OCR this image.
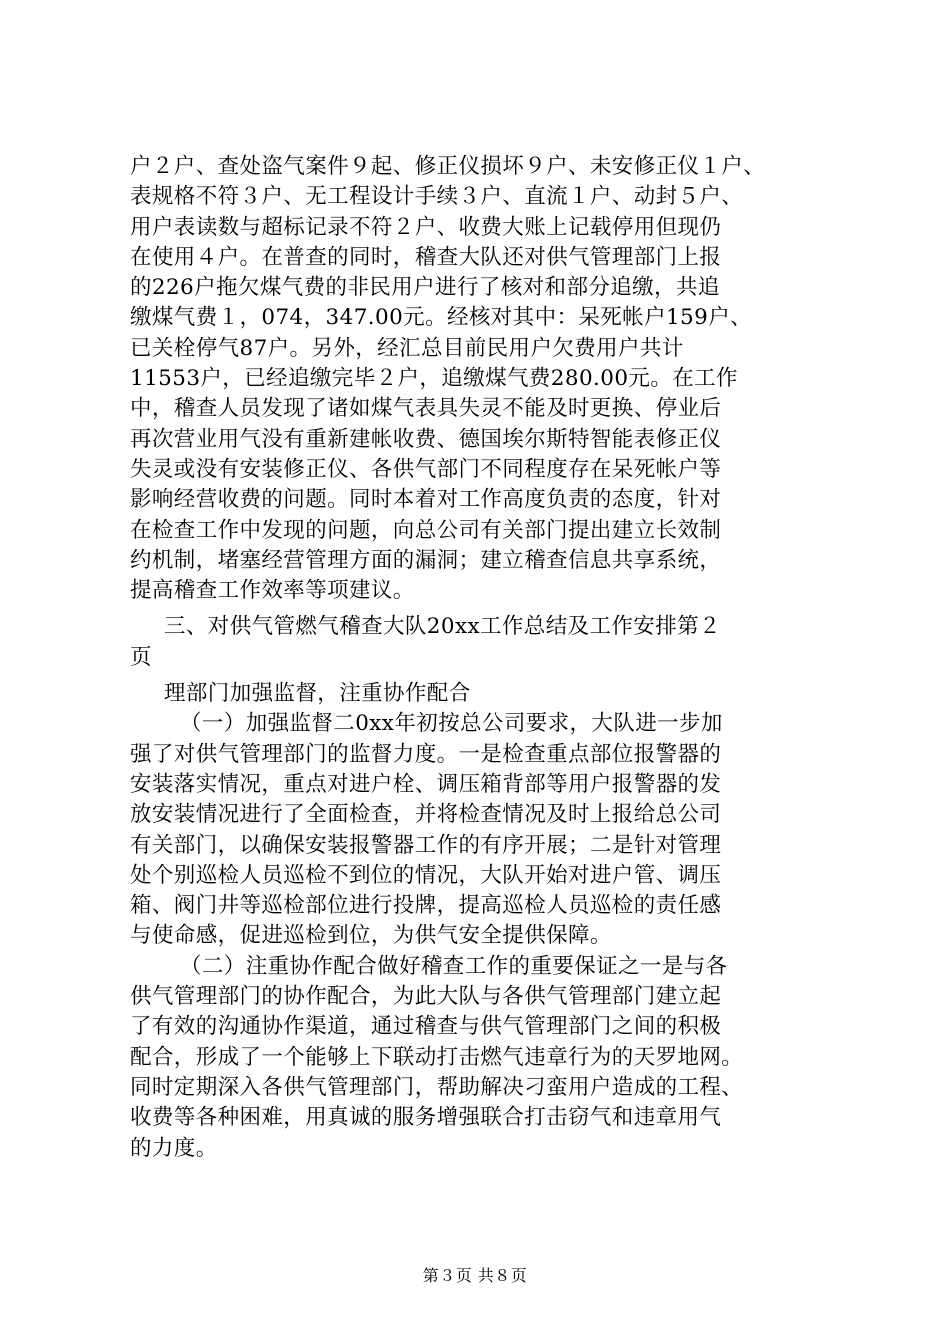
户２户、查处盗气案件９起、修正仪损坏９户、未安修正仪１户、
表规格不符３户、无工程设计手续３户、直流１户、动封５户、
用户表读数与超标记录不符２户、收费大账上记载停用但现仍
在使用４户。在普查的同时，稽查大队还对供气管理部门上报
的226户拖欠煤气费的非民用户进行了核对和部分追缴，共追
缴煤气费１，074，347.00元。经核对其中：呆死帐户159户、
已关栓停气87户。另外，经汇总目前民用户欠费用户共计
11553户，已经追缴完毕２户，追缴煤气费280.00元。在工作
中，稽查人员发现了诸如煤气表具失灵不能及时更换、停业后
再次营业用气没有重新建帐收费、德国埃尔斯特智能表修正仪
失灵或没有安装修正仪、各供气部门不同程度存在呆死帐户等
影响经营收费的问题。同时本着对工作高度负责的态度，针对
在检查工作中发现的问题，向总公司有关部门提出建立长效制
约机制，堵塞经营管理方面的漏洞；建立稽查信息共享系统，
提高稽查工作效率等项建议。
三、对供气管燃气稽查大队20xx工作总结及工作安排第２
页
理部门加强监督，注重协作配合
（一）加强监督二0xx年初按总公司要求，大队进一步加
强了对供气管理部门的监督力度。一是检查重点部位报警器的
安装落实情况，重点对进户栓、调压箱背部等用户报警器的发
放安装情况进行了全面检查，并将检查情况及时上报给总公司
有关部门，以确保安装报警器工作的有序开展；二是针对管理
处个别巡检人员巡检不到位的情况，大队开始对进户管、调压
箱、阀门井等巡检部位进行投牌，提高巡检人员巡检的责任感
与使命感，促进巡检到位，为供气安全提供保障。
（二）注重协作配合做好稽查工作的重要保证之一是与各
供气管理部门的协作配合，为此大队与各供气管理部门建立起
了有效的沟通协作渠道，通过稽查与供气管理部门之间的积极
配合，形成了一个能够上下联动打击燃气违章行为的天罗地网。
同时定期深入各供气管理部门，帮助解决刁蛮用户造成的工程、
收费等各种困难，用真诚的服务增强联合打击窃气和违章用气
的力度。
第３页 共８页
